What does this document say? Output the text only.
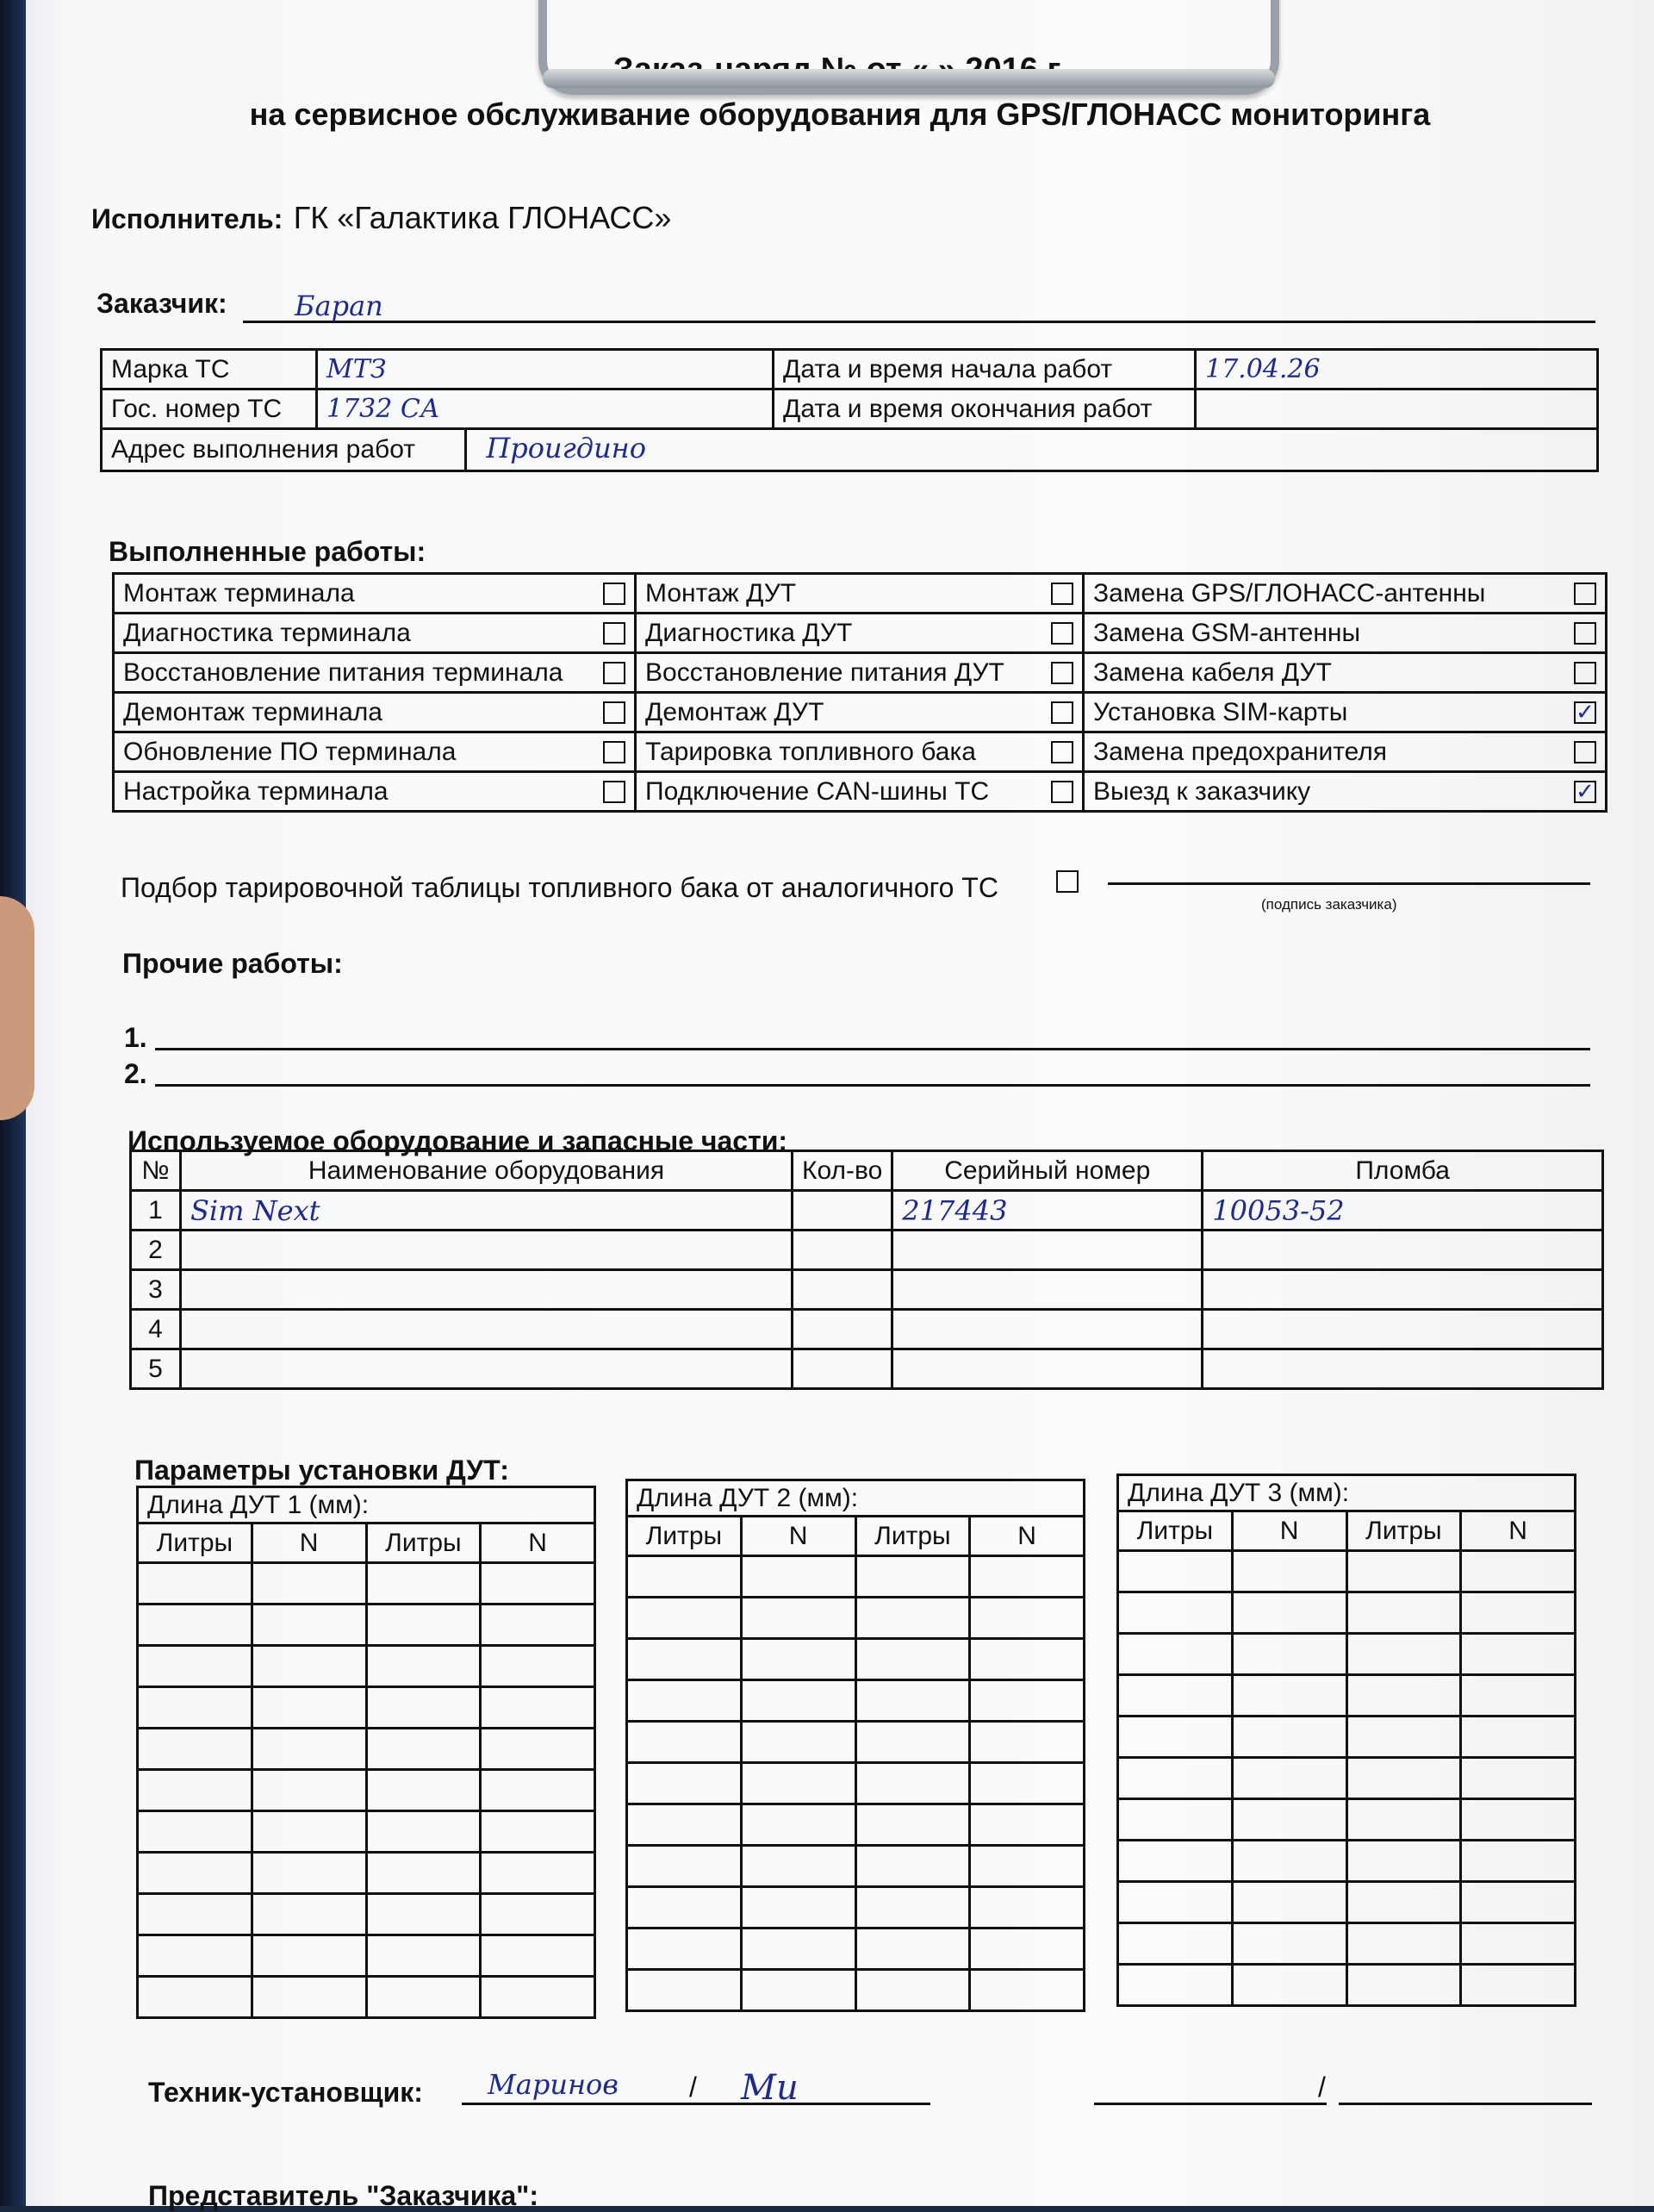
на сервисное обслуживание оборудования для GPS/ГЛОНАСС мониторинга
Исполнитель: ГК «Галактика ГЛОНАСС»
Заказчик:	Барап
Марка ТС	МТЗ	Дата и время начала работ	17.04.26
Гос. номер ТС	1732 СА	Дата и время окончания работ	
Адрес выполнения работ Проигдино			
Выполненные работы:
Монтаж терминала	Монтаж ДУТ	Замена GPS/ГЛОНАСС-антенны

Диагностика терминала	Диагностика ДУТ	Замена GSM-антенны

Восстановление питания терминала	Восстановление питания ДУТ	Замена кабеля ДУТ

Демонтаж терминала	Демонтаж ДУТ	Установка SIM-карты ✓

Обновление ПО терминала	Тарировка топливного бака	Замена предохранителя

Настройка терминала	Подключение CAN-шины ТС	Выезд к заказчику ✓
Подбор тарировочной таблицы топливного бака от аналогичного ТС
(подпись заказчика)
Прочие работы:
1.
2.
Используемое оборудование и запасные части:
№	Наименование оборудования	Кол-во	Серийный номер	Пломба
1	Sim Next		217443	10053-52
2				
3				
4				
5				
Параметры установки ДУТ:
Длина ДУТ 1 (мм):			
Литры	N	Литры	N

Длина ДУТ 2 (мм):			
Литры	N	Литры	N

Длина ДУТ 3 (мм):			
Литры	N	Литры	N

Техник-установщик:	Маринов	/	Ми	/
Представитель "Заказчика":
